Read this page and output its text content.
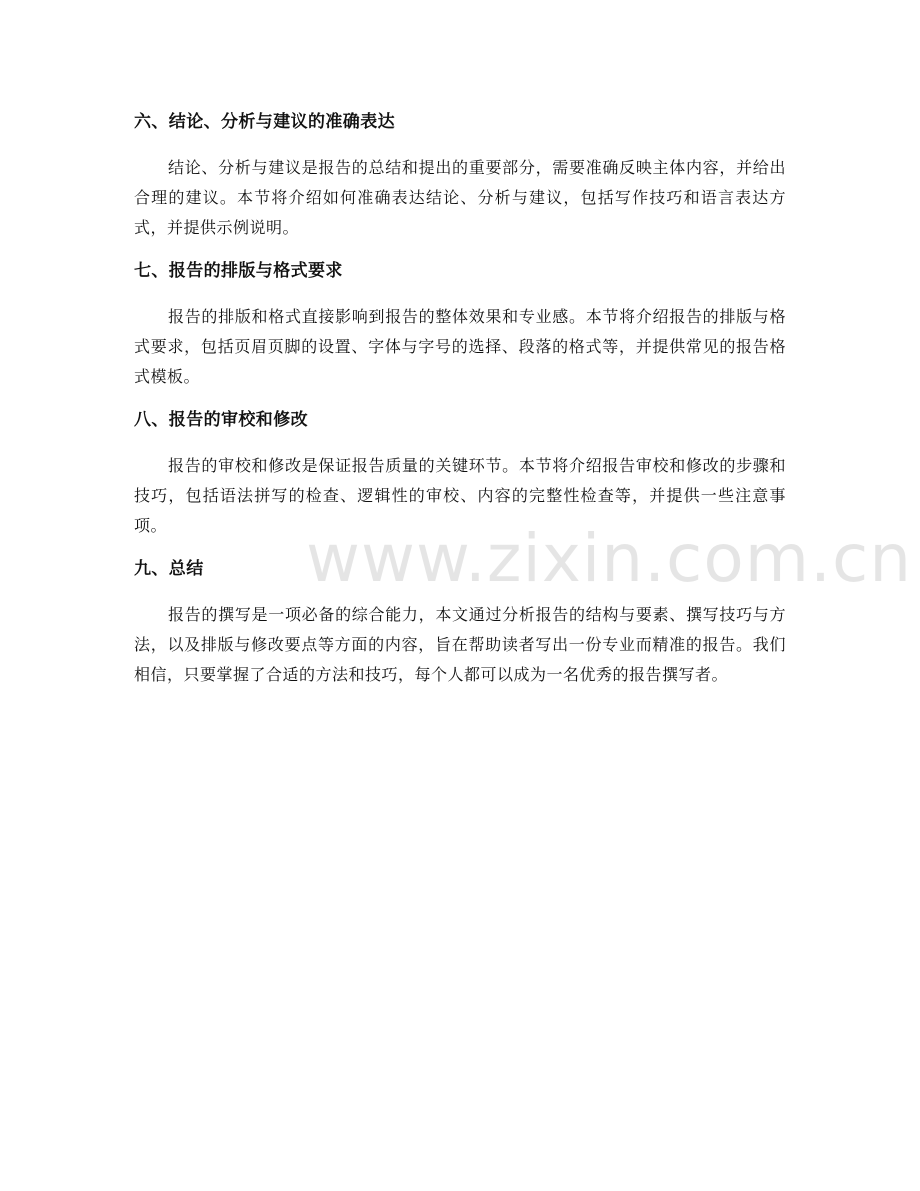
六、结论、分析与建议的准确表达

结论、分析与建议是报告的总结和提出的重要部分，需要准确反映主体内容，并给出合理的建议。本节将介绍如何准确表达结论、分析与建议，包括写作技巧和语言表达方式，并提供示例说明。

七、报告的排版与格式要求

报告的排版和格式直接影响到报告的整体效果和专业感。本节将介绍报告的排版与格式要求，包括页眉页脚的设置、字体与字号的选择、段落的格式等，并提供常见的报告格式模板。

八、报告的审校和修改

报告的审校和修改是保证报告质量的关键环节。本节将介绍报告审校和修改的步骤和技巧，包括语法拼写的检查、逻辑性的审校、内容的完整性检查等，并提供一些注意事项。

九、总结

报告的撰写是一项必备的综合能力，本文通过分析报告的结构与要素、撰写技巧与方法，以及排版与修改要点等方面的内容，旨在帮助读者写出一份专业而精准的报告。我们相信，只要掌握了合适的方法和技巧，每个人都可以成为一名优秀的报告撰写者。

www.zixin.com.cn
